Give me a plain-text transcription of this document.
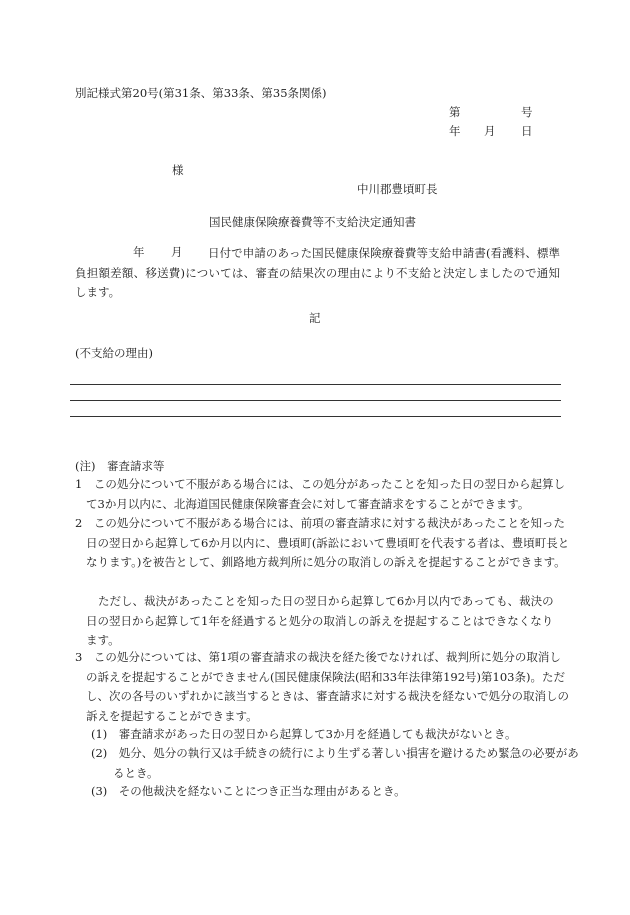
別記様式第20号(第31条、第33条、第35条関係)
第	号
年 月 日
様
中川郡豊頃町長
国民健康保険療養費等不支給決定通知書
年 月	日付で申請のあった国民健康保険療養費等支給申請書(看護料、標準負担額差額、移送費)については、審査の結果次の理由により不支給と決定しましたので通知します。
記
(不支給の理由)
(注)　審査請求等
1　この処分について不服がある場合には、この処分があったことを知った日の翌日から起算して3か月以内に、北海道国民健康保険審査会に対して審査請求をすることができます。
2　この処分について不服がある場合には、前項の審査請求に対する裁決があったことを知った日の翌日から起算して6か月以内に、豊頃町(訴訟において豊頃町を代表する者は、豊頃町長となります。)を被告として、釧路地方裁判所に処分の取消しの訴えを提起することができます。
ただし、裁決があったことを知った日の翌日から起算して6か月以内であっても、裁決の日の翌日から起算して1年を経過すると処分の取消しの訴えを提起することはできなくなります。
3　この処分については、第1項の審査請求の裁決を経た後でなければ、裁判所に処分の取消しの訴えを提起することができません(国民健康保険法(昭和33年法律第192号)第103条)。ただし、次の各号のいずれかに該当するときは、審査請求に対する裁決を経ないで処分の取消しの訴えを提起することができます。
(1)　審査請求があった日の翌日から起算して3か月を経過しても裁決がないとき。
(2)　処分、処分の執行又は手続きの続行により生ずる著しい損害を避けるため緊急の必要があるとき。
(3)　その他裁決を経ないことにつき正当な理由があるとき。
